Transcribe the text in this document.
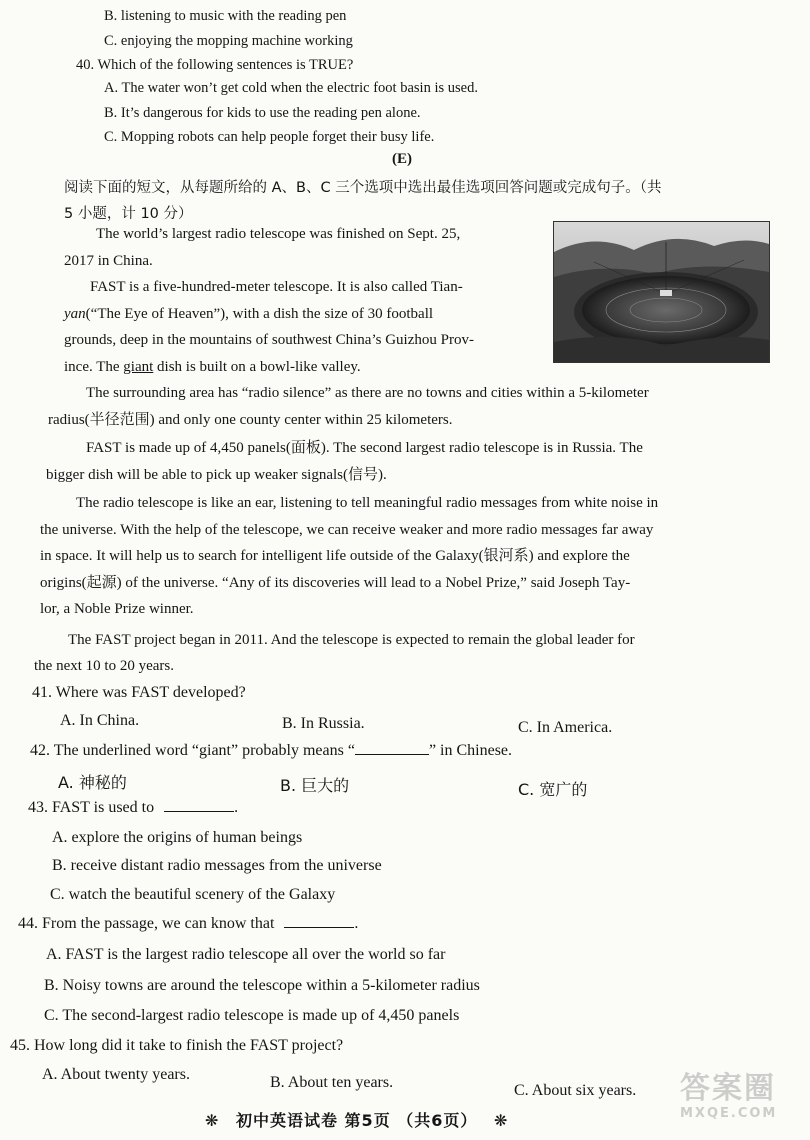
B. listening to music with the reading pen
C. enjoying the mopping machine working
40. Which of the following sentences is TRUE?
A. The water won’t get cold when the electric foot basin is used.
B. It’s dangerous for kids to use the reading pen alone.
C. Mopping robots can help people forget their busy life.
(E)
阅读下面的短文，从每题所给的 A、B、C 三个选项中选出最佳选项回答问题或完成句子。（共
5 小题，计 10 分）

The world’s largest radio telescope was finished on Sept. 25,

2017 in China.

FAST is a five-hundred-meter telescope. It is also called Tian-

yan(“The Eye of Heaven”), with a dish the size of 30 football

grounds, deep in the mountains of southwest China’s Guizhou Prov-

ince. The giant dish is built on a bowl-like valley.

The surrounding area has “radio silence” as there are no towns and cities within a 5-kilometer

radius(半径范围) and only one county center within 25 kilometers.

FAST is made up of 4,450 panels(面板). The second largest radio telescope is in Russia. The

bigger dish will be able to pick up weaker signals(信号).

The radio telescope is like an ear, listening to tell meaningful radio messages from white noise in

the universe. With the help of the telescope, we can receive weaker and more radio messages far away

in space. It will help us to search for intelligent life outside of the Galaxy(银河系) and explore the

origins(起源) of the universe. “Any of its discoveries will lead to a Nobel Prize,” said Joseph Tay-

lor, a Noble Prize winner.

The FAST project began in 2011. And the telescope is expected to remain the global leader for

the next 10 to 20 years.

41. Where was FAST developed?
A. In China.	B. In Russia.	C. In America.
42. The underlined word “giant” probably means “	” in Chinese.
A. 神秘的	B. 巨大的	C. 宽广的
43. FAST is used to	.
A. explore the origins of human beings
B. receive distant radio messages from the universe
C. watch the beautiful scenery of the Galaxy
44. From the passage, we can know that	.
A. FAST is the largest radio telescope all over the world so far
B. Noisy towns are around the telescope within a 5-kilometer radius
C. The second-largest radio telescope is made up of 4,450 panels
45. How long did it take to finish the FAST project?
A. About twenty years.	B. About ten years.	C. About six years.
❋ 初中英语试卷 第5页 （共6页） ❋
答案圈
MXQE.COM
